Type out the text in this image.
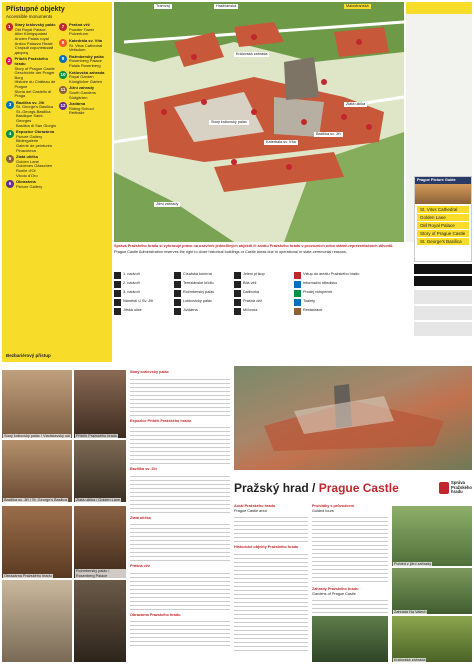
Přístupné objekty
Accessible monuments
1	Starý královský palác
Old Royal Palace
Alter Königspalast
Ancien Palais royal
Antico Palazzo Reale
Старый королевский дворец
2 Příběh Pražského hradu
Story of Prague Castle
Geschichte der Prager Burg
Histoire du Château de Prague
Storia del Castello di Praga
3	Bazilika sv. Jiří
St. George's Basilica
St.-Georgs-Basilika
Basilique Saint-Georges
Basilica di San Giorgio
4	Expozice Obrazárna
Picture Gallery
Bildergalerie
Galerie de peintures
Pinacoteca
5	Zlatá ulička
Golden Lane
Goldenes Gässchen
Ruelle d'Or
Vicolo d'Oro
6	Obrazárna
Picture Gallery
7	Prašná věž
Powder Tower
Pulverturm
8	Katedrála sv. Víta
St. Vitus Cathedral
Veitsdom
9	Rožmberský palác
Rosenberg Palace
Palais Rosenberg
10 Královská zahrada
Royal Garden
Königlicher Garten
11 Jižní zahrady
South Gardens
Südgärten
12 Jízdárna
Riding School
Reithalle
Bezbariérový přístup
Tramvaj	Hradčanská	Malostranská
Katedrála sv. Víta
Starý královský palác
Zlatá ulička
Bazilika sv. Jiří
Jižní zahrady
Královská zahrada
Prague Picture Guide
St. Vitus Cathedral
Golden Lane
Old Royal Palace
Story of Prague Castle
St. George's Basilica
Správa Pražského hradu si vyhrazuje právo na uzavření jednotlivých objektů či areálu Pražského hradu v provozních nebo státně-reprezentačních důvodů.
Prague Castle Administration reserves the right to close historical buildings or Castle areas due to operational or state-ceremonial reasons.
1. nádvoří
2. nádvoří
3. nádvoří
Náměstí U Sv. Jiří
Jiřská ulice
Císařská konírna
Tereziánské křídlo
Rožmberský palác
Lobkovický palác
Jízdárna
Jelení příkop
Bílá věž
Daliborka
Prašná věž
Míčovna
Vstup do areálu Pražského hradu
Informační středisko
Prodej vstupenek
Toalety
Restaurace
Starý královský palác / Vladislavský sál Příběh Pražského hradu
Bazilika sv. Jiří / St. George's Basilica Zlatá ulička / Golden Lane
Obrazárna Pražského hradu
Rožmberský palác / Rosenberg Palace
Starý královský palác
Expozice Příběh Pražského hradu
Bazilika sv. Jiří
Zlatá ulička
Prašná věž
Obrazárna Pražského hradu
Pražský hrad / Prague Castle	Správa
Pražského
hradu
Areál Pražského hradu
Prague Castle area
Historické objekty Pražského hradu
Prohlídky s průvodcem
Guided tours
Zahrady Pražského hradu
Gardens of Prague Castle
Pohled z jižní zahrady
Zahrada Na Valech
Královská zahrada
